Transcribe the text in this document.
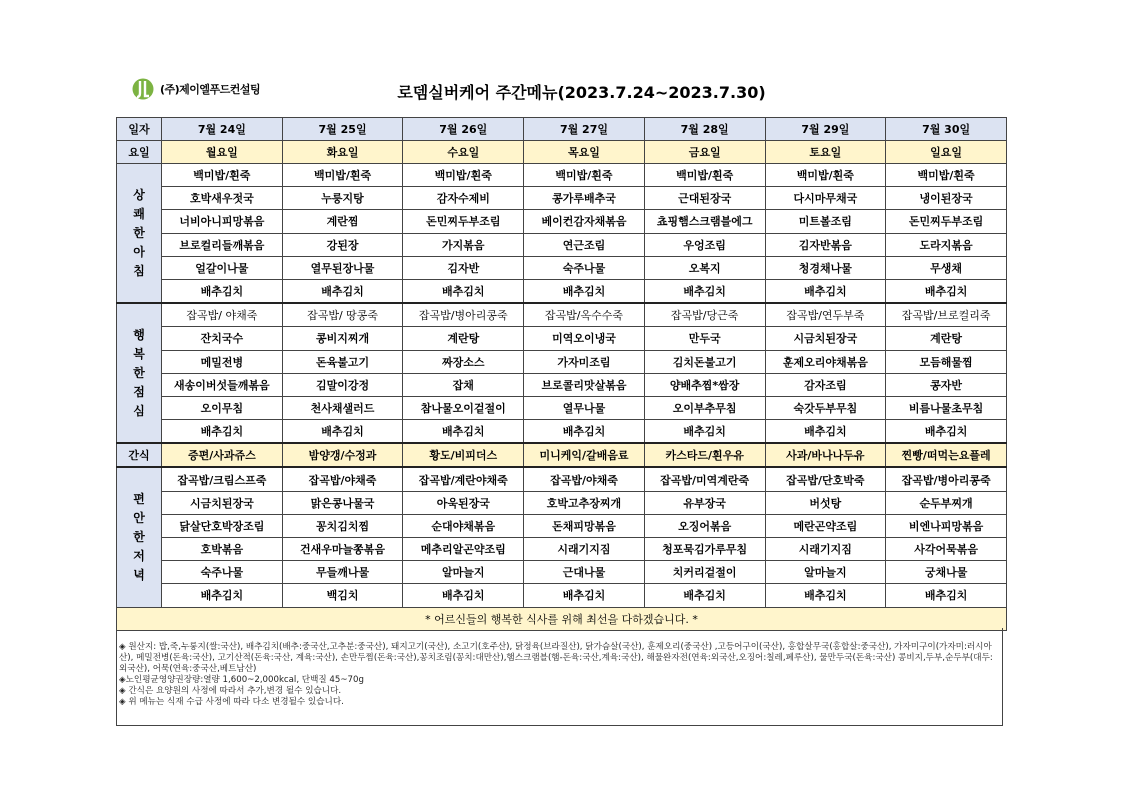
(주)제이엘푸드컨설팅	로뎀실버케어 주간메뉴(2023.7.24~2023.7.30)
일자	7월 24일	7월 25일	7월 26일	7월 27일	7월 28일	7월 29일	7월 30일
요일	월요일	화요일	수요일	목요일	금요일	토요일	일요일

상
쾌
한
아
침	백미밥/흰죽	백미밥/흰죽	백미밥/흰죽	백미밥/흰죽	백미밥/흰죽	백미밥/흰죽	백미밥/흰죽
	호박새우젓국	누룽지탕	감자수제비	콩가루배추국	근대된장국	다시마무채국	냉이된장국
	너비아니피망볶음	계란찜	돈민찌두부조림	베이컨감자채볶음	쵸핑햄스크램블에그	미트볼조림	돈민찌두부조림
	브로컬리들깨볶음	강된장	가지볶음	연근조림	우엉조림	김자반볶음	도라지볶음
	얼갈이나물	열무된장나물	김자반	숙주나물	오복지	청경채나물	무생채
	배추김치	배추김치	배추김치	배추김치	배추김치	배추김치	배추김치

행
복
한
점
심	잡곡밥/ 야채죽	잡곡밥/ 땅콩죽	잡곡밥/병아리콩죽	잡곡밥/옥수수죽	잡곡밥/당근죽	잡곡밥/연두부죽	잡곡밥/브로컬리죽
	잔치국수	콩비지찌개	계란탕	미역오이냉국	만두국	시금치된장국	계란탕
	메밀전병	돈육불고기	짜장소스	가자미조림	김치돈불고기	훈제오리야채볶음	모듬해물찜
	새송이버섯들깨볶음	김말이강정	잡채	브로콜리맛살볶음	양배추찜*쌈장	감자조림	콩자반
	오이무침	천사채샐러드	참나물오이겉절이	열무나물	오이부추무침	숙갓두부무침	비름나물초무침
	배추김치	배추김치	배추김치	배추김치	배추김치	배추김치	배추김치
간식	증편/사과쥬스	밤양갱/수정과	황도/비피더스	미니케익/갈배음료	카스타드/흰우유	사과/바나나두유	찐빵/떠먹는요플레

편
안
한
저
녁	잡곡밥/크림스프죽	잡곡밥/야채죽	잡곡밥/계란야채죽	잡곡밥/야채죽	잡곡밥/미역계란죽	잡곡밥/단호박죽	잡곡밥/병아리콩죽
	시금치된장국	맑은콩나물국	아욱된장국	호박고추장찌개	유부장국	버섯탕	순두부찌개
	닭살단호박장조림	꽁치김치찜	순대야채볶음	돈채피망볶음	오징어볶음	메란곤약조림	비엔나피망볶음
	호박볶음	건새우마늘쫑볶음	메추리알곤약조림	시래기지짐	청포묵김가루무침	시래기지짐	사각어묵볶음
	숙주나물	무들깨나물	알마늘지	근대나물	치커리겉절이	알마늘지	궁채나물
	배추김치	백김치	배추김치	배추김치	배추김치	배추김치	배추김치
* 어르신들의 행복한 식사를 위해 최선을 다하겠습니다. *							

◈ 원산지: 밥,죽,누룽지(쌀:국산), 배추김치(배추:중국산,고추분:중국산), 돼지고기(국산), 소고기(호주산), 닭정육(브라질산), 닭가슴살(국산), 훈제오리(중국산) ,고등어구이(국산), 홍합살무국(홍합살:중국산), 가자미구이(가자미:러시아산), 메밀전병(돈육:국산), 고기산적(돈육:국산, 계육:국산), 손만두찜(돈육:국산),꽁치조림(꽁치:대만산),햄스크램블(햄-돈육:국산,계육:국산), 해물완자전(연육:외국산,오징어:칠레,페루산), 물만두국(돈육:국산) 콩비지,두부,순두부(대두:외국산), 어묵(연육:중국산,베트남산)

◈노인평균영양권장량:열량 1,600~2,000kcal, 단백질 45~70g

◈ 간식은 요양원의 사정에 따라서 추가,변경 될수 있습니다.

◈ 위 메뉴는 식재 수급 사정에 따라 다소 변경될수 있습니다.
